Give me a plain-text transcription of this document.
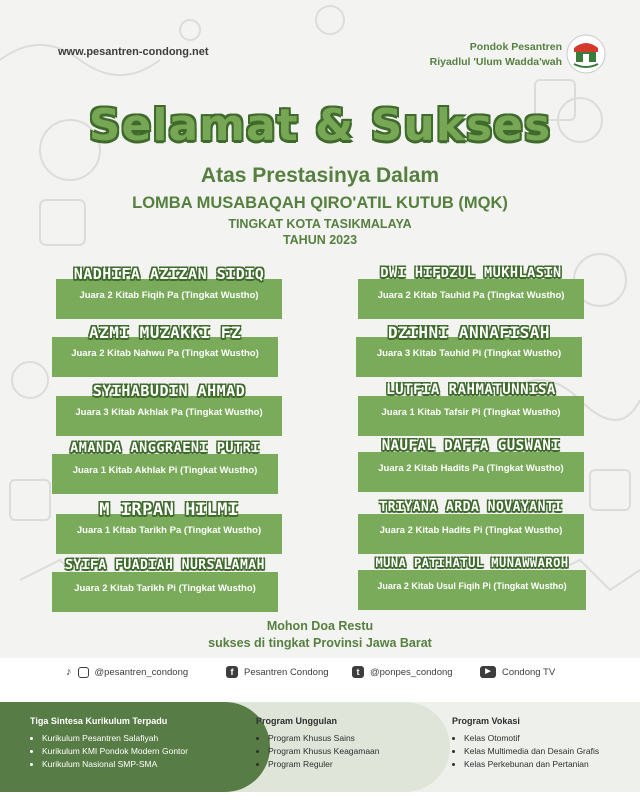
www.pesantren-condong.net	Pondok Pesantren
Riyadlul 'Ulum Wadda'wah
Selamat & Sukses
Atas Prestasinya Dalam
LOMBA MUSABAQAH QIRO'ATIL KUTUB (MQK)
TINGKAT KOTA TASIKMALAYA
TAHUN 2023
NADHIFA AZIZAN SIDIQ
Juara 2 Kitab Fiqih Pa (Tingkat Wustho)
AZMI MUZAKKI FZ
Juara 2 Kitab Nahwu Pa (Tingkat Wustho)
SYIHABUDIN AHMAD
Juara 3 Kitab Akhlak Pa (Tingkat Wustho)
AMANDA ANGGRAENI PUTRI
Juara 1 Kitab Akhlak Pi (Tingkat Wustho)
M IRPAN HILMI
Juara 1 Kitab Tarikh Pa (Tingkat Wustho)
SYIFA FUADIAH NURSALAMAH
Juara 2 Kitab Tarikh Pi (Tingkat Wustho)
DWI HIFDZUL MUKHLASIN
Juara 2 Kitab Tauhid Pa (Tingkat Wustho)
DZIHNI ANNAFISAH
Juara 3 Kitab Tauhid Pi (Tingkat Wustho)
LUTFIA RAHMATUNNISA
Juara 1 Kitab Tafsir Pi (Tingkat Wustho)
NAUFAL DAFFA GUSWANI
Juara 2 Kitab Hadits Pa (Tingkat Wustho)
TRIYANA ARDA NOVAYANTI
Juara 2 Kitab Hadits Pi (Tingkat Wustho)
MUNA PATIHATUL MUNAWWAROH
Juara 2 Kitab Usul Fiqih Pi (Tingkat Wustho)
Mohon Doa Restu
sukses di tingkat Provinsi Jawa Barat
♪ @pesantren_condong	f	Pesantren Condong	t	@ponpes_condong	▶	Condong TV
Tiga Sintesa Kurikulum Terpadu
• Kurikulum Pesantren Salafiyah
• Kurikulum KMI Pondok Modern Gontor
• Kurikulum Nasional SMP-SMA
Program Unggulan
• Program Khusus Sains
• Program Khusus Keagamaan
• Program Reguler
Program Vokasi
• Kelas Otomotif
• Kelas Multimedia dan Desain Grafis
• Kelas Perkebunan dan Pertanian
